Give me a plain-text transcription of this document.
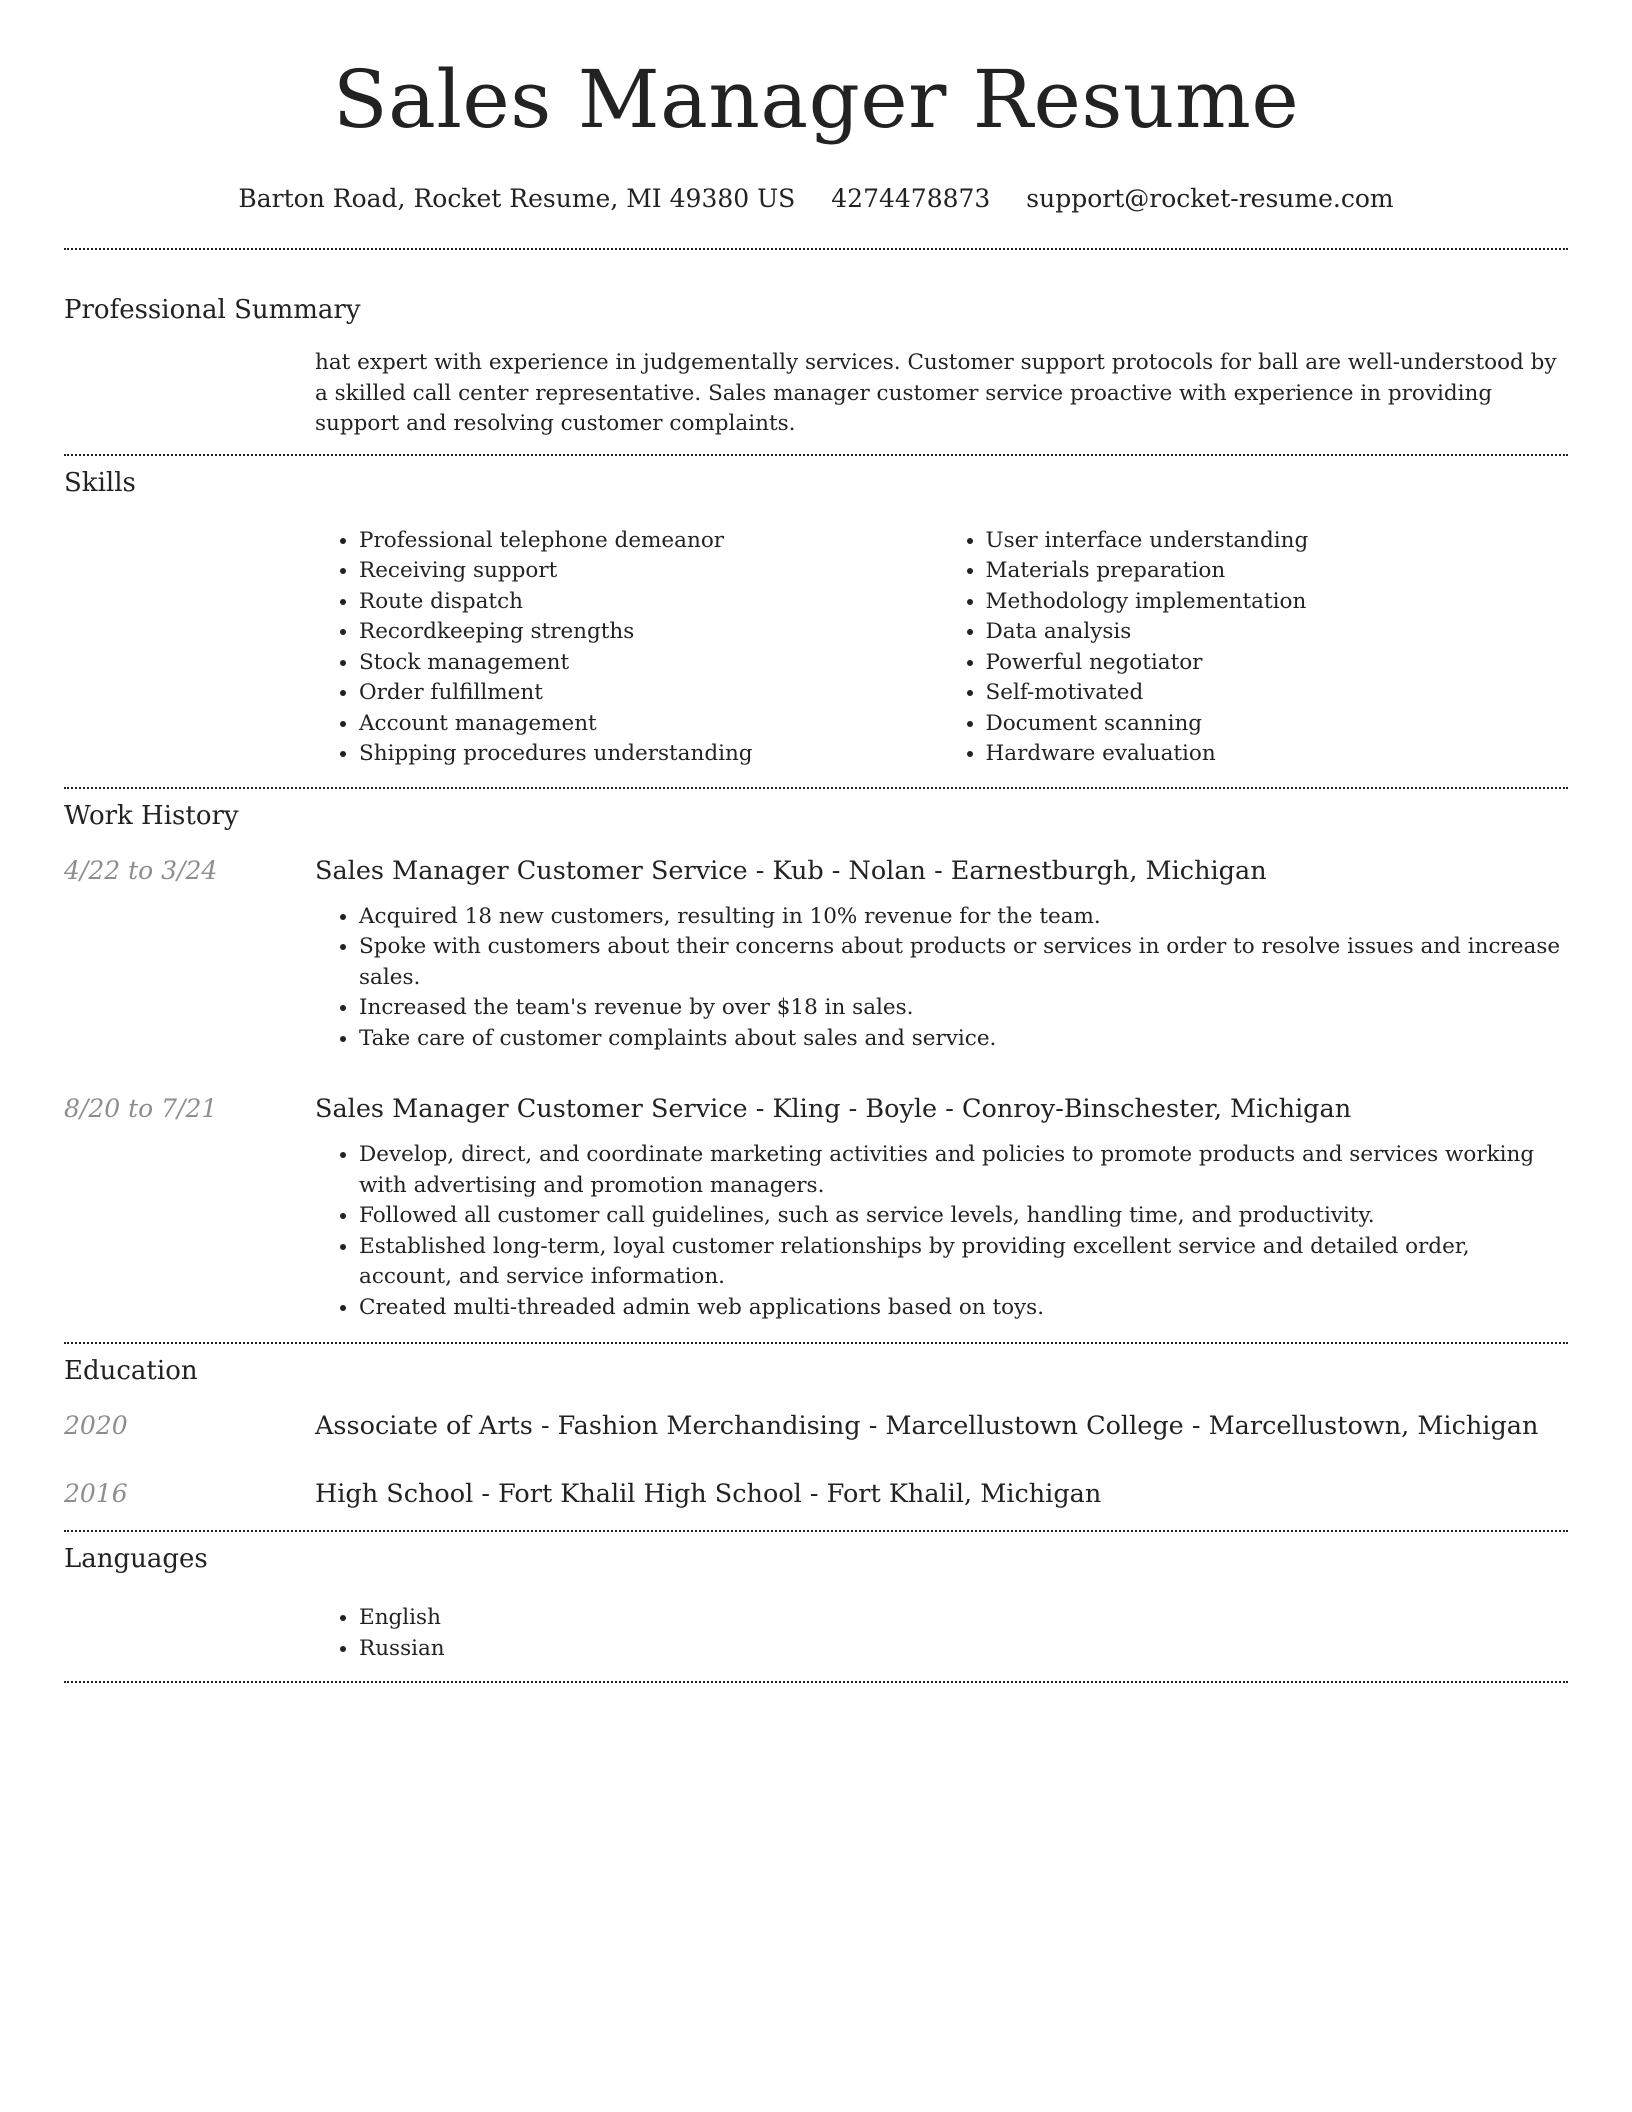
Sales Manager Resume
Barton Road, Rocket Resume, MI 49380 US 4274478873 support@rocket-resume.com
Professional Summary

hat expert with experience in judgementally services. Customer support protocols for ball are well-understood by a skilled call center representative. Sales manager customer service proactive with experience in providing support and resolving customer complaints.

Skills
• Professional telephone demeanor
• Receiving support
• Route dispatch
• Recordkeeping strengths
• Stock management
• Order fulfillment
• Account management
• Shipping procedures understanding
• User interface understanding
• Materials preparation
• Methodology implementation
• Data analysis
• Powerful negotiator
• Self-motivated
• Document scanning
• Hardware evaluation
Work History
4/22 to 3/24	Sales Manager Customer Service - Kub - Nolan - Earnestburgh, Michigan
• Acquired 18 new customers, resulting in 10% revenue for the team.
• Spoke with customers about their concerns about products or services in order to resolve issues and increase sales.
• Increased the team's revenue by over $18 in sales.
• Take care of customer complaints about sales and service.
8/20 to 7/21	Sales Manager Customer Service - Kling - Boyle - Conroy-Binschester, Michigan
• Develop, direct, and coordinate marketing activities and policies to promote products and services working with advertising and promotion managers.
• Followed all customer call guidelines, such as service levels, handling time, and productivity.
• Established long-term, loyal customer relationships by providing excellent service and detailed order, account, and service information.
• Created multi-threaded admin web applications based on toys.
Education
2020	Associate of Arts - Fashion Merchandising - Marcellustown College - Marcellustown, Michigan
2016	High School - Fort Khalil High School - Fort Khalil, Michigan
Languages
• English
• Russian
